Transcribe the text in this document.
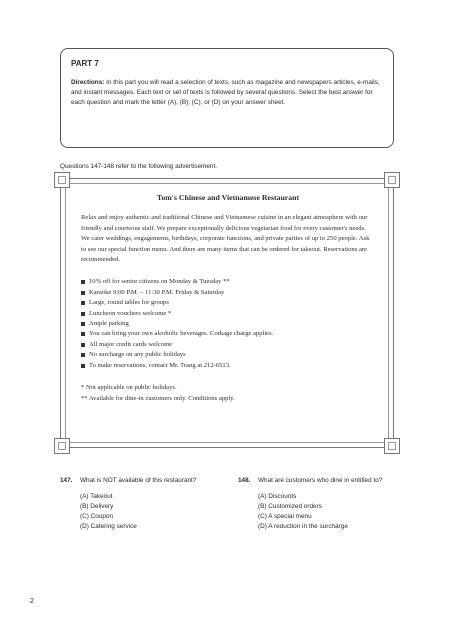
PART 7
Directions: In this part you will read a selection of texts, such as magazine and newspapers articles, e-mails, and instant messages. Each text or set of texts is followed by several questions. Select the best answer for each question and mark the letter (A), (B), (C), or (D) on your answer sheet.
Questions 147-148 refer to the following advertisement.
Tom's Chinese and Vietnamese Restaurant
Relax and enjoy authentic and traditional Chinese and Vietnamese cuisine in an elegant atmosphere with our friendly and courteous staff. We prepare exceptionally delicious vegetarian food for every customer's needs. We cater weddings, engagements, birthdays, corporate functions, and private parties of up to 250 people. Ask to see our special function menu. And there are many items that can be ordered for takeout. Reservations are recommended.
10% off for senior citizens on Monday & Tuesday **
Karaoke 9:00 P.M. – 11:30 P.M. Friday & Saturday
Large, round tables for groups
Luncheon vouchers welcome *
Ample parking
You can bring your own alcoholic beverages. Corkage charge applies.
All major credit cards welcome
No surcharge on any public holidays
To make reservations, contact Mr. Trang at 212-6513.
* Not applicable on public holidays.
** Available for dine-in customers only. Conditions apply.
147. What is NOT available of this restaurant?
(A) Takeout
(B) Delivery
(C) Coupon
(D) Catering service
148. What are customers who dine in entitled to?
(A) Discounts
(B) Customized orders
(C) A special menu
(D) A reduction in the surcharge
2
